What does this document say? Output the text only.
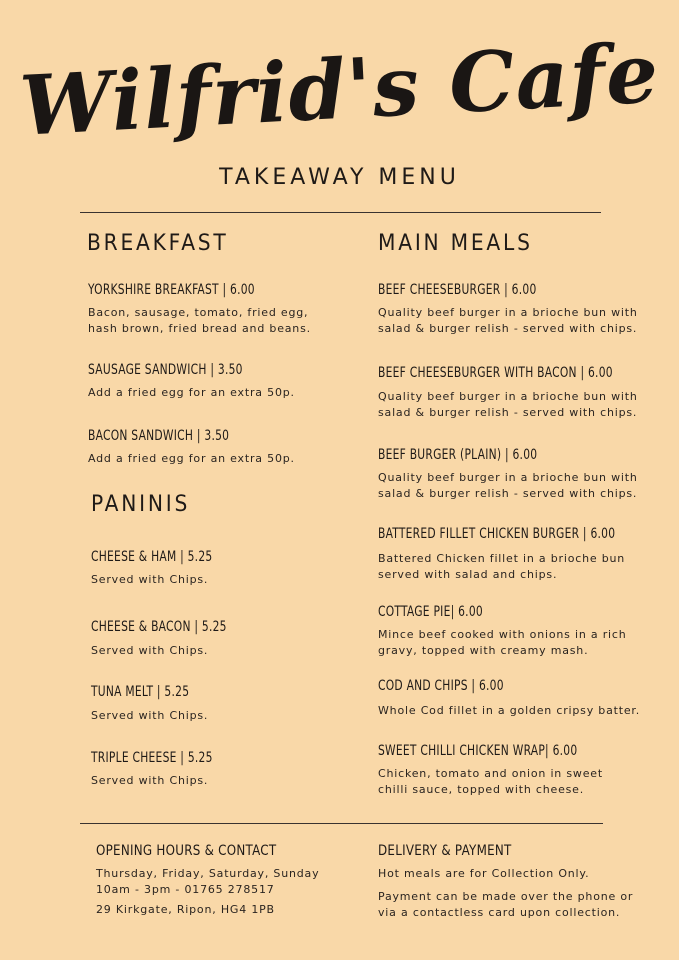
Wilfrid's Cafe
TAKEAWAY MENU
BREAKFAST
YORKSHIRE BREAKFAST | 6.00
Bacon, sausage, tomato, fried egg,
hash brown, fried bread and beans.
SAUSAGE SANDWICH | 3.50
Add a fried egg for an extra 50p.
BACON SANDWICH | 3.50
Add a fried egg for an extra 50p.
PANINIS
CHEESE & HAM | 5.25
Served with Chips.
CHEESE & BACON | 5.25
Served with Chips.
TUNA MELT | 5.25
Served with Chips.
TRIPLE CHEESE | 5.25
Served with Chips.
MAIN MEALS
BEEF CHEESEBURGER | 6.00
Quality beef burger in a brioche bun with
salad & burger relish - served with chips.
BEEF CHEESEBURGER WITH BACON | 6.00
Quality beef burger in a brioche bun with
salad & burger relish - served with chips.
BEEF BURGER (PLAIN) | 6.00
Quality beef burger in a brioche bun with
salad & burger relish - served with chips.
BATTERED FILLET CHICKEN BURGER | 6.00
Battered Chicken fillet in a brioche bun
served with salad and chips.
COTTAGE PIE| 6.00
Mince beef cooked with onions in a rich
gravy, topped with creamy mash.
COD AND CHIPS | 6.00
Whole Cod fillet in a golden cripsy batter.
SWEET CHILLI CHICKEN WRAP| 6.00
Chicken, tomato and onion in sweet
chilli sauce, topped with cheese.
OPENING HOURS & CONTACT
Thursday, Friday, Saturday, Sunday
10am - 3pm - 01765 278517
29 Kirkgate, Ripon, HG4 1PB
DELIVERY & PAYMENT
Hot meals are for Collection Only.
Payment can be made over the phone or
via a contactless card upon collection.
